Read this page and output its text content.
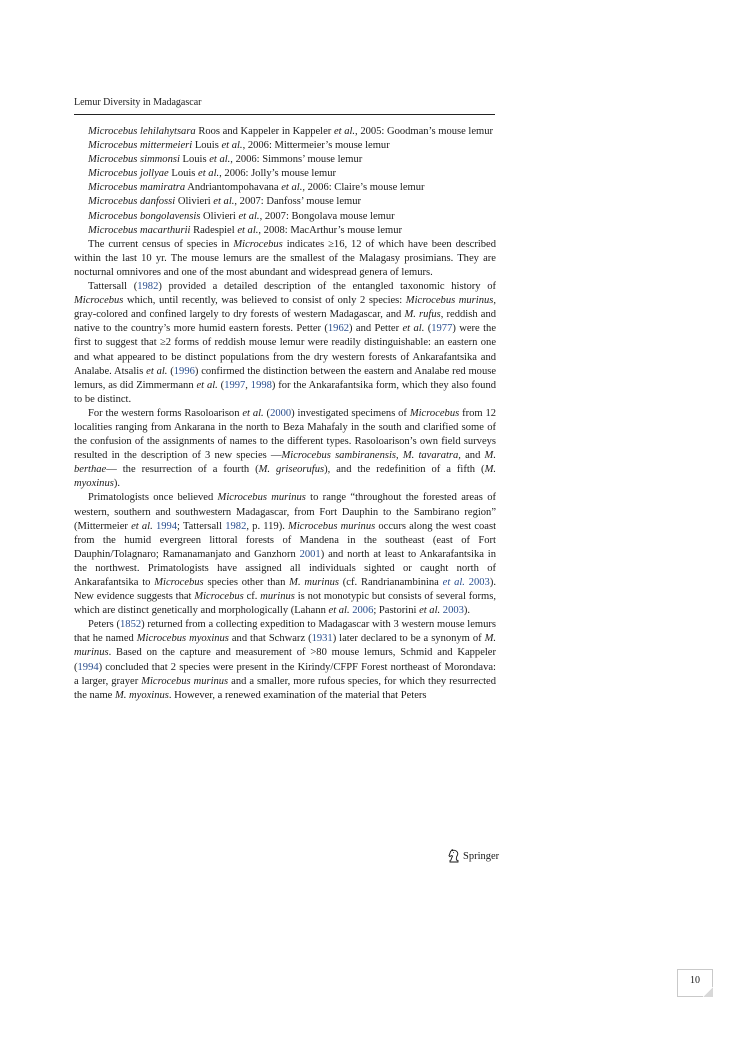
Lemur Diversity in Madagascar
Microcebus lehilahytsara Roos and Kappeler in Kappeler et al., 2005: Goodman’s mouse lemur
Microcebus mittermeieri Louis et al., 2006: Mittermeier’s mouse lemur
Microcebus simmonsi Louis et al., 2006: Simmons’ mouse lemur
Microcebus jollyae Louis et al., 2006: Jolly’s mouse lemur
Microcebus mamiratra Andriantompohavana et al., 2006: Claire’s mouse lemur
Microcebus danfossi Olivieri et al., 2007: Danfoss’ mouse lemur
Microcebus bongolavensis Olivieri et al., 2007: Bongolava mouse lemur
Microcebus macarthurii Radespiel et al., 2008: MacArthur’s mouse lemur

The current census of species in Microcebus indicates ≥16, 12 of which have been described within the last 10 yr. The mouse lemurs are the smallest of the Malagasy prosimians. They are nocturnal omnivores and one of the most abundant and widespread genera of lemurs.

Tattersall (1982) provided a detailed description of the entangled taxonomic history of Microcebus which, until recently, was believed to consist of only 2 species: Microcebus murinus, gray-colored and confined largely to dry forests of western Madagascar, and M. rufus, reddish and native to the country’s more humid eastern forests. Petter (1962) and Petter et al. (1977) were the first to suggest that ≥2 forms of reddish mouse lemur were readily distinguishable: an eastern one and what appeared to be distinct populations from the dry western forests of Ankarafantsika and Analabe. Atsalis et al. (1996) confirmed the distinction between the eastern and Analabe red mouse lemurs, as did Zimmermann et al. (1997, 1998) for the Ankarafantsika form, which they also found to be distinct.

For the western forms Rasoloarison et al. (2000) investigated specimens of Microcebus from 12 localities ranging from Ankarana in the north to Beza Mahafaly in the south and clarified some of the confusion of the assignments of names to the different types. Rasoloarison’s own field surveys resulted in the description of 3 new species —Microcebus sambiranensis, M. tavaratra, and M. berthae— the resurrection of a fourth (M. griseorufus), and the redefinition of a fifth (M. myoxinus).

Primatologists once believed Microcebus murinus to range “throughout the forested areas of western, southern and southwestern Madagascar, from Fort Dauphin to the Sambirano region” (Mittermeier et al. 1994; Tattersall 1982, p. 119). Microcebus murinus occurs along the west coast from the humid evergreen littoral forests of Mandena in the southeast (east of Fort Dauphin/Tolagnaro; Ramanamanjato and Ganzhorn 2001) and north at least to Ankarafantsika in the northwest. Primatologists have assigned all individuals sighted or caught north of Ankarafantsika to Microcebus species other than M. murinus (cf. Randrianambinina et al. 2003). New evidence suggests that Microcebus cf. murinus is not monotypic but consists of several forms, which are distinct genetically and morphologically (Lahann et al. 2006; Pastorini et al. 2003).

Peters (1852) returned from a collecting expedition to Madagascar with 3 western mouse lemurs that he named Microcebus myoxinus and that Schwarz (1931) later declared to be a synonym of M. murinus. Based on the capture and measurement of >80 mouse lemurs, Schmid and Kappeler (1994) concluded that 2 species were present in the Kirindy/CFPF Forest northeast of Morondava: a larger, grayer Microcebus murinus and a smaller, more rufous species, for which they resurrected the name M. myoxinus. However, a renewed examination of the material that Peters

Springer
10
